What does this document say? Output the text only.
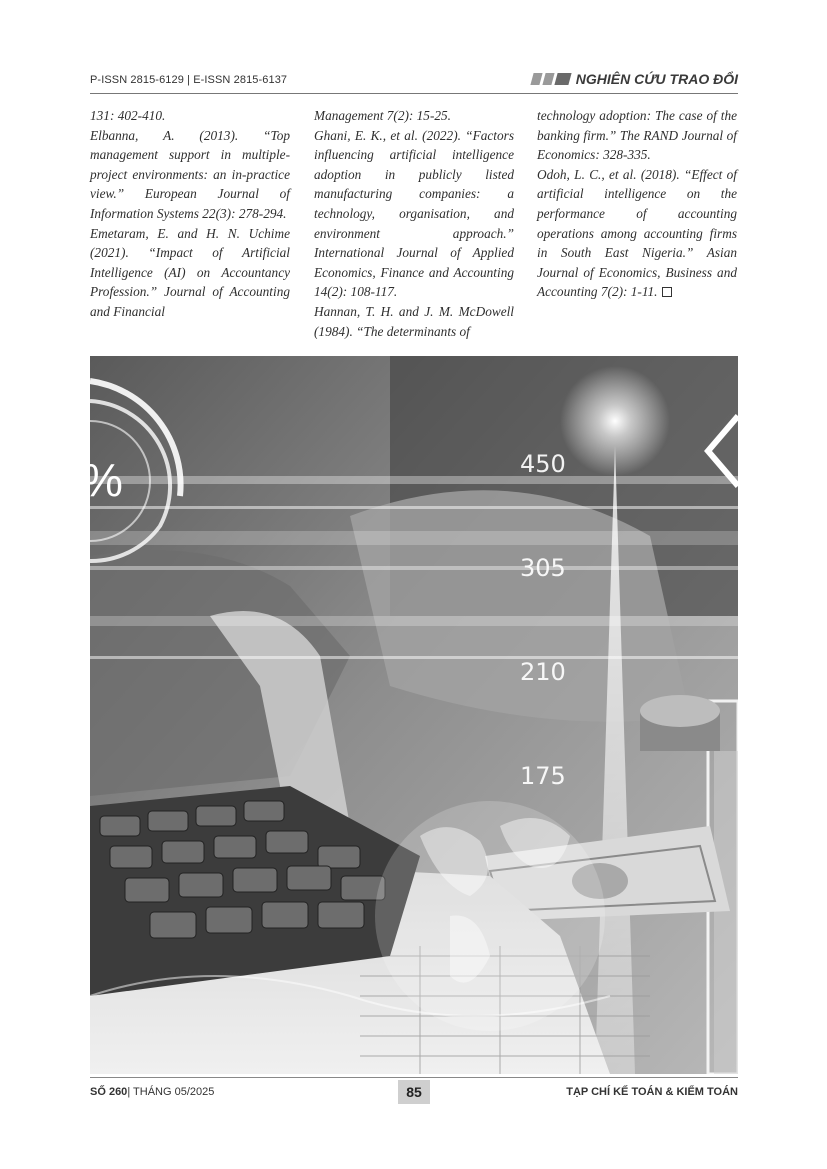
P-ISSN 2815-6129 | E-ISSN 2815-6137	NGHIÊN CỨU TRAO ĐỔI

131: 402-410.

Elbanna, A. (2013). “Top management support in multiple-project environments: an in-practice view.” European Journal of Information Systems 22(3): 278-294.

Emetaram, E. and H. N. Uchime (2021). “Impact of Artificial Intelligence (AI) on Accountancy Profession.” Journal of Accounting and Financial

Management 7(2): 15-25.

Ghani, E. K., et al. (2022). “Factors influencing artificial intelligence adoption in publicly listed manufacturing companies: a technology, organisation, and environment approach.” International Journal of Applied Economics, Finance and Accounting 14(2): 108-117.

Hannan, T. H. and J. M. McDowell (1984). “The determinants of

technology adoption: The case of the banking firm.” The RAND Journal of Economics: 328-335.

Odoh, L. C., et al. (2018). “Effect of artificial intelligence on the performance of accounting operations among accounting firms in South East Nigeria.” Asian Journal of Economics, Business and Accounting 7(2): 1-11.

%	450
305
210
175
SỐ 260| THÁNG 05/2025	85	TẠP CHÍ KẾ TOÁN & KIỂM TOÁN
